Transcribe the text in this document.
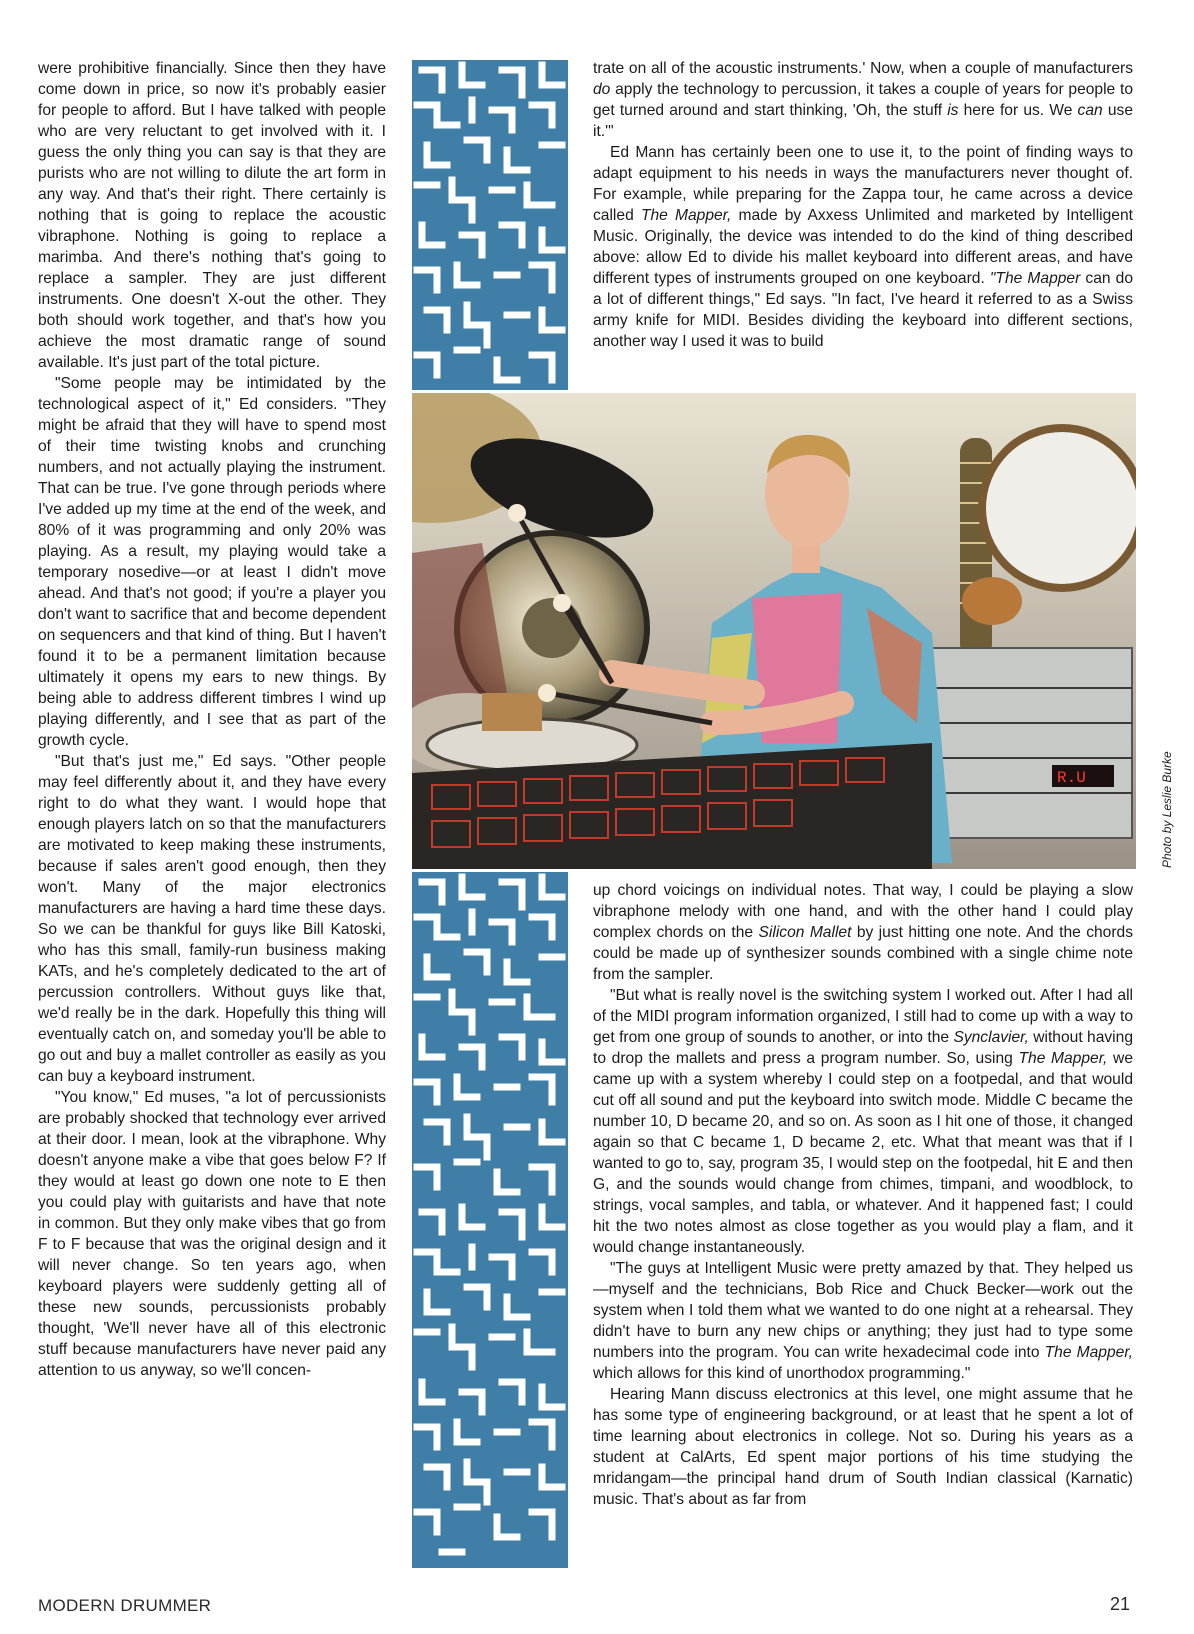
were prohibitive financially. Since then they have come down in price, so now it's probably easier for people to afford. But I have talked with people who are very reluctant to get involved with it. I guess the only thing you can say is that they are purists who are not willing to dilute the art form in any way. And that's their right. There certainly is nothing that is going to replace the acoustic vibraphone. Nothing is going to replace a marimba. And there's nothing that's going to replace a sampler. They are just different instruments. One doesn't X-out the other. They both should work together, and that's how you achieve the most dramatic range of sound available. It's just part of the total picture.

"Some people may be intimidated by the technological aspect of it," Ed considers. "They might be afraid that they will have to spend most of their time twisting knobs and crunching numbers, and not actually playing the instrument. That can be true. I've gone through periods where I've added up my time at the end of the week, and 80% of it was programming and only 20% was playing. As a result, my playing would take a temporary nosedive—or at least I didn't move ahead. And that's not good; if you're a player you don't want to sacrifice that and become dependent on sequencers and that kind of thing. But I haven't found it to be a permanent limitation because ultimately it opens my ears to new things. By being able to address different timbres I wind up playing differently, and I see that as part of the growth cycle.

"But that's just me," Ed says. "Other people may feel differently about it, and they have every right to do what they want. I would hope that enough players latch on so that the manufacturers are motivated to keep making these instruments, because if sales aren't good enough, then they won't. Many of the major electronics manufacturers are having a hard time these days. So we can be thankful for guys like Bill Katoski, who has this small, family-run business making KATs, and he's completely dedicated to the art of percussion controllers. Without guys like that, we'd really be in the dark. Hopefully this thing will eventually catch on, and someday you'll be able to go out and buy a mallet controller as easily as you can buy a keyboard instrument.

"You know," Ed muses, "a lot of percussionists are probably shocked that technology ever arrived at their door. I mean, look at the vibraphone. Why doesn't anyone make a vibe that goes below F? If they would at least go down one note to E then you could play with guitarists and have that note in common. But they only make vibes that go from F to F because that was the original design and it will never change. So ten years ago, when keyboard players were suddenly getting all of these new sounds, percussionists probably thought, 'We'll never have all of this electronic stuff because manufacturers have never paid any attention to us anyway, so we'll concen-

R.U	Photo by Leslie Burke

trate on all of the acoustic instruments.' Now, when a couple of manufacturers do apply the technology to percussion, it takes a couple of years for people to get turned around and start thinking, 'Oh, the stuff is here for us. We can use it.'"

Ed Mann has certainly been one to use it, to the point of finding ways to adapt equipment to his needs in ways the manufacturers never thought of. For example, while preparing for the Zappa tour, he came across a device called The Mapper, made by Axxess Unlimited and marketed by Intelligent Music. Originally, the device was intended to do the kind of thing described above: allow Ed to divide his mallet keyboard into different areas, and have different types of instruments grouped on one keyboard. "The Mapper can do a lot of different things," Ed says. "In fact, I've heard it referred to as a Swiss army knife for MIDI. Besides dividing the keyboard into different sections, another way I used it was to build

up chord voicings on individual notes. That way, I could be playing a slow vibraphone melody with one hand, and with the other hand I could play complex chords on the Silicon Mallet by just hitting one note. And the chords could be made up of synthesizer sounds combined with a single chime note from the sampler.

"But what is really novel is the switching system I worked out. After I had all of the MIDI program information organized, I still had to come up with a way to get from one group of sounds to another, or into the Synclavier, without having to drop the mallets and press a program number. So, using The Mapper, we came up with a system whereby I could step on a footpedal, and that would cut off all sound and put the keyboard into switch mode. Middle C became the number 10, D became 20, and so on. As soon as I hit one of those, it changed again so that C became 1, D became 2, etc. What that meant was that if I wanted to go to, say, program 35, I would step on the footpedal, hit E and then G, and the sounds would change from chimes, timpani, and woodblock, to strings, vocal samples, and tabla, or whatever. And it happened fast; I could hit the two notes almost as close together as you would play a flam, and it would change instantaneously.

"The guys at Intelligent Music were pretty amazed by that. They helped us—myself and the technicians, Bob Rice and Chuck Becker—work out the system when I told them what we wanted to do one night at a rehearsal. They didn't have to burn any new chips or anything; they just had to type some numbers into the program. You can write hexadecimal code into The Mapper, which allows for this kind of unorthodox programming."

Hearing Mann discuss electronics at this level, one might assume that he has some type of engineering background, or at least that he spent a lot of time learning about electronics in college. Not so. During his years as a student at CalArts, Ed spent major portions of his time studying the mridangam—the principal hand drum of South Indian classical (Karnatic) music. That's about as far from

MODERN DRUMMER	21
